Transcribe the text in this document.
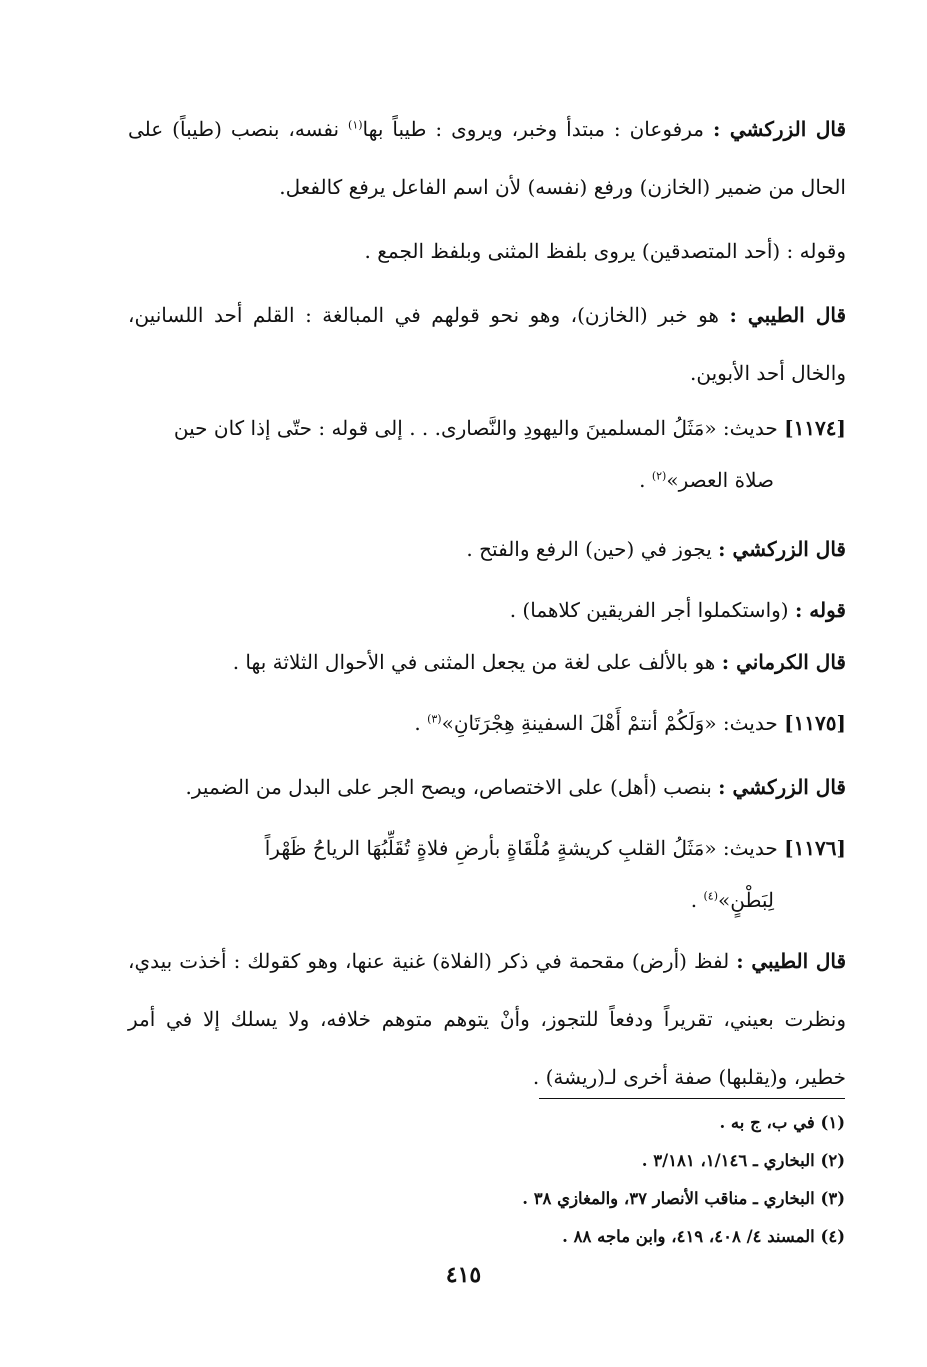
قال الزركشي : مرفوعان : مبتدأ وخبر، ويروى : طيباً بها$^{(١)}$ نفسه، بنصب (طيباً) على الحال من ضمير (الخازن) ورفع (نفسه) لأن اسم الفاعل يرفع كالفعل.

وقوله : (أحد المتصدقين) يروى بلفظ المثنى وبلفظ الجمع .

قال الطيبي : هو خبر (الخازن)، وهو نحو قولهم في المبالغة : القلم أحد اللسانين، والخال أحد الأبوين.

[١١٧٤] حديث: «مَثَلُ المسلمينَ واليهودِ والنَّصارى. . . إلى قوله : حتّى إذا كان حين
صلاة العصر»$^{(٢)}$ .

قال الزركشي : يجوز في (حين) الرفع والفتح .

قوله : (واستكملوا أجر الفريقين كلاهما) .

قال الكرماني : هو بالألف على لغة من يجعل المثنى في الأحوال الثلاثة بها .

[١١٧٥] حديث: «وَلَكُمْ أنتمْ أَهْلَ السفينةِ هِجْرَتَانِ»$^{(٣)}$ .

قال الزركشي : بنصب (أهل) على الاختصاص، ويصح الجر على البدل من الضمير.

[١١٧٦] حديث: «مَثَلُ القلبِ كريشةٍ مُلْقَاةٍ بأرضِ فلاةٍ تُقَلِّبُهَا الرياحُ ظَهْراً
لِبَطْنٍ»$^{(٤)}$ .

قال الطيبي : لفظ (أرض) مقحمة في ذكر (الفلاة) غنية عنها، وهو كقولك : أخذت بيدي، ونظرت بعيني، تقريراً ودفعاً للتجوز، وأنْ يتوهم متوهم خلافه، ولا يسلك إلا في أمر خطير، و(يقلبها) صفة أخرى لـ(ريشة) .

(١) في ب، ج به .

(٢) البخاري ـ ١/١٤٦، ٣/١٨١ .

(٣) البخاري ـ مناقب الأنصار ٣٧، والمغازي ٣٨ .

(٤) المسند ٤/ ٤٠٨، ٤١٩، وابن ماجه ٨٨ .

٤١٥
